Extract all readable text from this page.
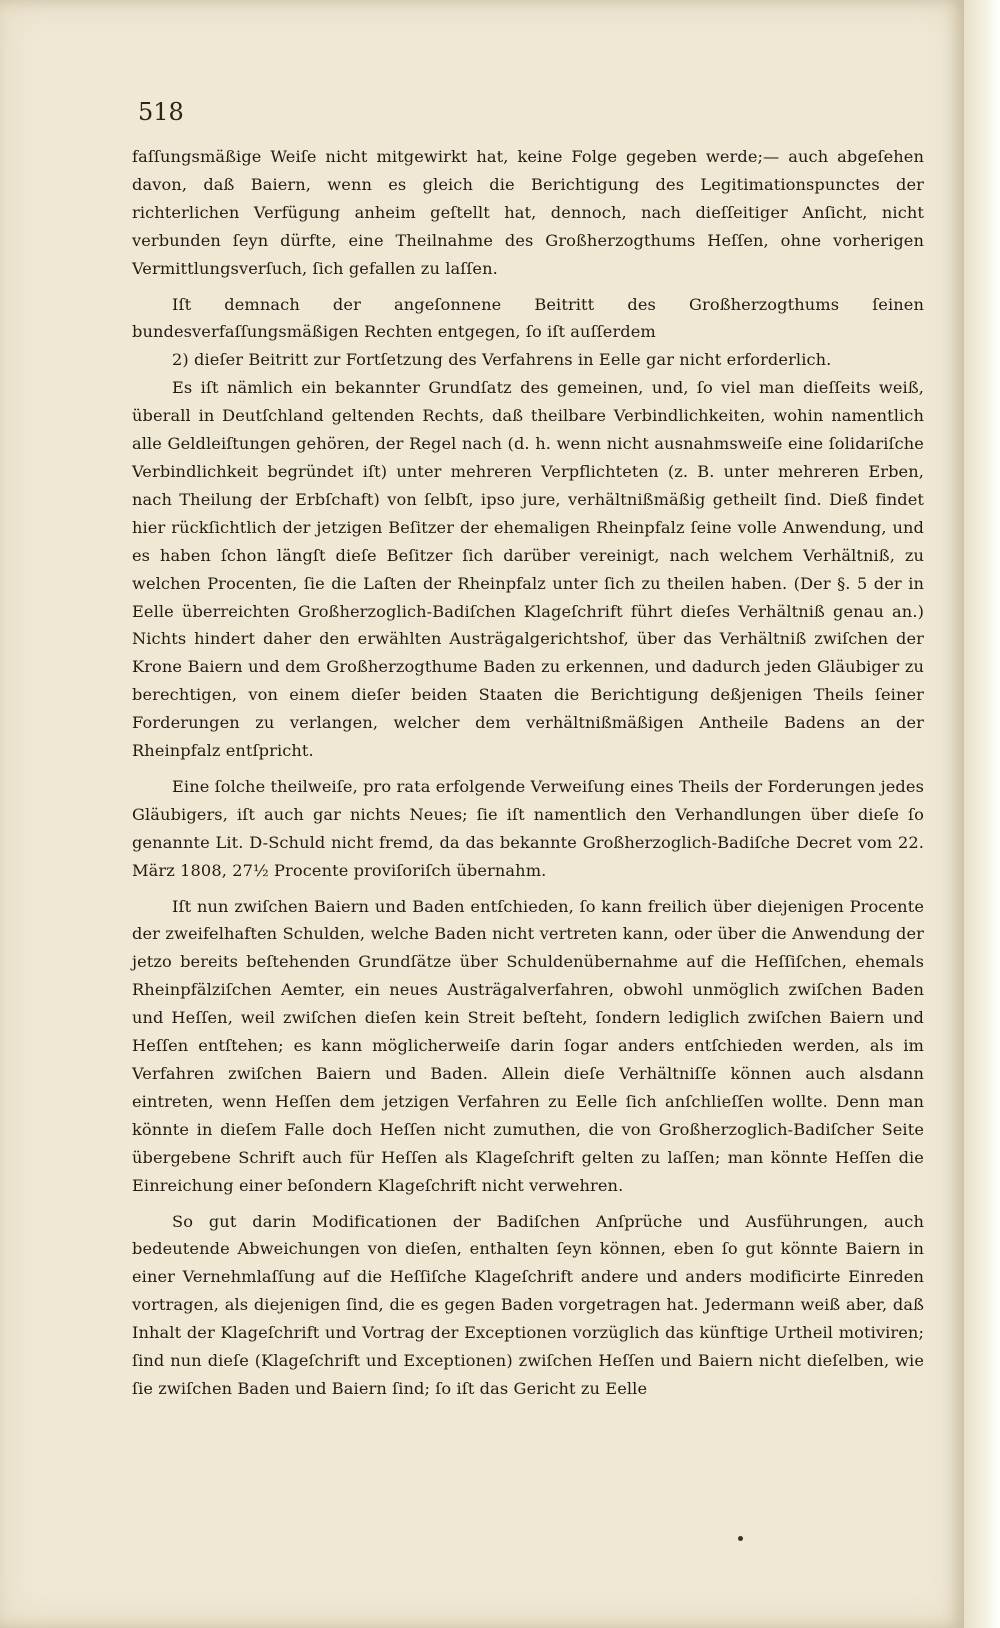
518

faſſungsmäßige Weiſe nicht mitgewirkt hat, keine Folge gegeben werde;— auch abgeſehen davon, daß Baiern, wenn es gleich die Berichtigung des Legitimationspunctes der richterlichen Verfügung anheim geſtellt hat, dennoch, nach dieſſeitiger Anſicht, nicht verbunden ſeyn dürfte, eine Theilnahme des Großherzogthums Heſſen, ohne vorherigen Vermittlungsverſuch, ſich gefallen zu laſſen.

Iſt demnach der angeſonnene Beitritt des Großherzogthums ſeinen bundesverfaſſungsmäßigen Rechten entgegen, ſo iſt auſſerdem

2) dieſer Beitritt zur Fortſetzung des Verfahrens in Eelle gar nicht erforderlich.

Es iſt nämlich ein bekannter Grundſatz des gemeinen, und, ſo viel man dieſſeits weiß, überall in Deutſchland geltenden Rechts, daß theilbare Verbindlichkeiten, wohin namentlich alle Geldleiſtungen gehören, der Regel nach (d. h. wenn nicht ausnahmsweiſe eine ſolidariſche Verbindlichkeit begründet iſt) unter mehreren Verpflichteten (z. B. unter mehreren Erben, nach Theilung der Erbſchaft) von ſelbſt, ipso jure, verhältnißmäßig getheilt ſind. Dieß findet hier rückſichtlich der jetzigen Beſitzer der ehemaligen Rheinpfalz ſeine volle Anwendung, und es haben ſchon längſt dieſe Beſitzer ſich darüber vereinigt, nach welchem Verhältniß, zu welchen Procenten, ſie die Laſten der Rheinpfalz unter ſich zu theilen haben. (Der §. 5 der in Eelle überreichten Großherzoglich-Badiſchen Klageſchrift führt dieſes Verhältniß genau an.) Nichts hindert daher den erwählten Austrägalgerichtshof, über das Verhältniß zwiſchen der Krone Baiern und dem Großherzogthume Baden zu erkennen, und dadurch jeden Gläubiger zu berechtigen, von einem dieſer beiden Staaten die Berichtigung deßjenigen Theils ſeiner Forderungen zu verlangen, welcher dem verhältnißmäßigen Antheile Badens an der Rheinpfalz entſpricht.

Eine ſolche theilweiſe, pro rata erfolgende Verweiſung eines Theils der Forderungen jedes Gläubigers, iſt auch gar nichts Neues; ſie iſt namentlich den Verhandlungen über dieſe ſo genannte Lit. D-Schuld nicht fremd, da das bekannte Großherzoglich-Badiſche Decret vom 22. März 1808, 27½ Procente proviſoriſch übernahm.

Iſt nun zwiſchen Baiern und Baden entſchieden, ſo kann freilich über diejenigen Procente der zweifelhaften Schulden, welche Baden nicht vertreten kann, oder über die Anwendung der jetzo bereits beſtehenden Grundſätze über Schuldenübernahme auf die Heſſiſchen, ehemals Rheinpfälziſchen Aemter, ein neues Austrägalverfahren, obwohl unmöglich zwiſchen Baden und Heſſen, weil zwiſchen dieſen kein Streit beſteht, ſondern lediglich zwiſchen Baiern und Heſſen entſtehen; es kann möglicherweiſe darin ſogar anders entſchieden werden, als im Verfahren zwiſchen Baiern und Baden. Allein dieſe Verhältniſſe können auch alsdann eintreten, wenn Heſſen dem jetzigen Verfahren zu Eelle ſich anſchlieſſen wollte. Denn man könnte in dieſem Falle doch Heſſen nicht zumuthen, die von Großherzoglich-Badiſcher Seite übergebene Schrift auch für Heſſen als Klageſchrift gelten zu laſſen; man könnte Heſſen die Einreichung einer beſondern Klageſchrift nicht verwehren.

So gut darin Modificationen der Badiſchen Anſprüche und Ausführungen, auch bedeutende Abweichungen von dieſen, enthalten ſeyn können, eben ſo gut könnte Baiern in einer Vernehmlaſſung auf die Heſſiſche Klageſchrift andere und anders modificirte Einreden vortragen, als diejenigen ſind, die es gegen Baden vorgetragen hat. Jedermann weiß aber, daß Inhalt der Klageſchrift und Vortrag der Exceptionen vorzüglich das künftige Urtheil motiviren; ſind nun dieſe (Klageſchrift und Exceptionen) zwiſchen Heſſen und Baiern nicht dieſelben, wie ſie zwiſchen Baden und Baiern ſind; ſo iſt das Gericht zu Eelle
